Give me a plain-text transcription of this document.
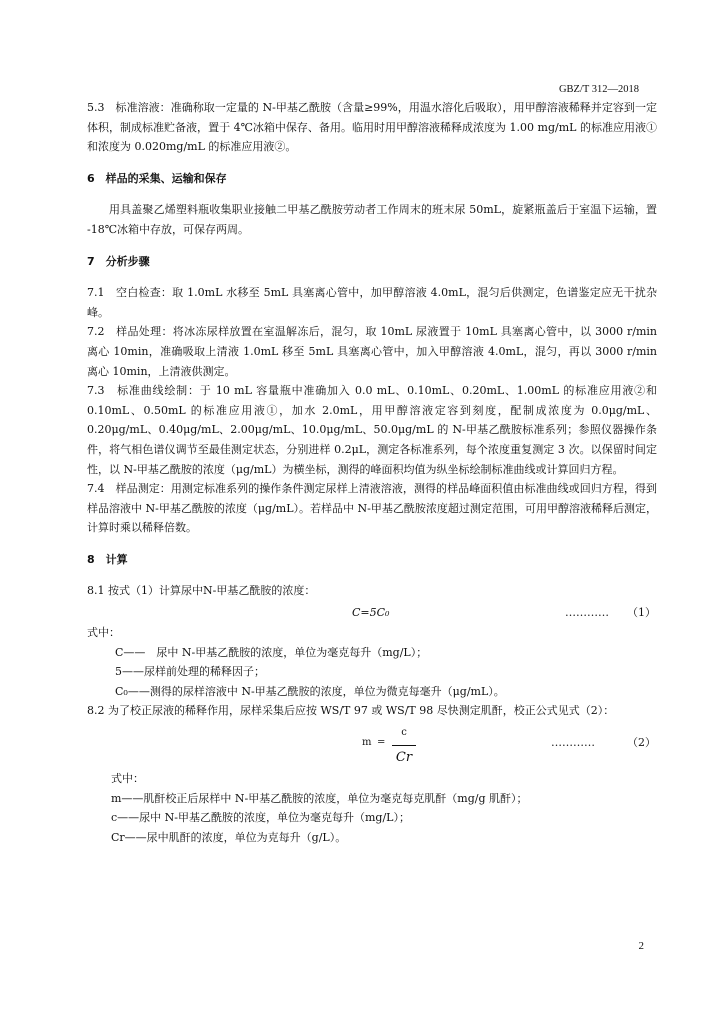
GBZ/T 312—2018

5.3　标准溶液：准确称取一定量的 N-甲基乙酰胺（含量≥99%，用温水溶化后吸取），用甲醇溶液稀释并定容到一定体积，制成标准贮备液，置于 4℃冰箱中保存、备用。临用时用甲醇溶液稀释成浓度为 1.00 mg/mL 的标准应用液①和浓度为 0.020mg/mL 的标准应用液②。

6　样品的采集、运输和保存

用具盖聚乙烯塑料瓶收集职业接触二甲基乙酰胺劳动者工作周末的班末尿 50mL，旋紧瓶盖后于室温下运输，置 -18℃冰箱中存放，可保存两周。

7　分析步骤

7.1　空白检查：取 1.0mL 水移至 5mL 具塞离心管中，加甲醇溶液 4.0mL，混匀后供测定，色谱鉴定应无干扰杂峰。

7.2　样品处理：将冰冻尿样放置在室温解冻后，混匀，取 10mL 尿液置于 10mL 具塞离心管中，以 3000 r/min 离心 10min，准确吸取上清液 1.0mL 移至 5mL 具塞离心管中，加入甲醇溶液 4.0mL，混匀，再以 3000 r/min 离心 10min，上清液供测定。

7.3　标准曲线绘制：于 10 mL 容量瓶中准确加入 0.0 mL、0.10mL、0.20mL、1.00mL 的标准应用液②和 0.10mL、0.50mL 的标准应用液①，加水 2.0mL，用甲醇溶液定容到刻度，配制成浓度为 0.0μg/mL、0.20μg/mL、0.40μg/mL、2.00μg/mL、10.0μg/mL、50.0μg/mL 的 N-甲基乙酰胺标准系列；参照仪器操作条件，将气相色谱仪调节至最佳测定状态，分别进样 0.2μL，测定各标准系列，每个浓度重复测定 3 次。以保留时间定性，以 N-甲基乙酰胺的浓度（μg/mL）为横坐标，测得的峰面积均值为纵坐标绘制标准曲线或计算回归方程。

7.4　样品测定：用测定标准系列的操作条件测定尿样上清液溶液，测得的样品峰面积值由标准曲线或回归方程，得到样品溶液中 N-甲基乙酰胺的浓度（μg/mL）。若样品中 N-甲基乙酰胺浓度超过测定范围，可用甲醇溶液稀释后测定，计算时乘以稀释倍数。

8　计算

8.1 按式（1）计算尿中N-甲基乙酰胺的浓度：

C=5C₀	………… （1）

式中：

C——　尿中 N-甲基乙酰胺的浓度，单位为毫克每升（mg/L）；

5——尿样前处理的稀释因子；

C₀——测得的尿样溶液中 N-甲基乙酰胺的浓度，单位为微克每毫升（μg/mL）。

8.2 为了校正尿液的稀释作用，尿样采集后应按 WS/T 97 或 WS/T 98 尽快测定肌酐，校正公式见式（2）：

m =
c
Cr
…………	（2）

式中：

m——肌酐校正后尿样中 N-甲基乙酰胺的浓度，单位为毫克每克肌酐（mg/g 肌酐）；

c——尿中 N-甲基乙酰胺的浓度，单位为毫克每升（mg/L）；

Cr——尿中肌酐的浓度，单位为克每升（g/L）。

2
